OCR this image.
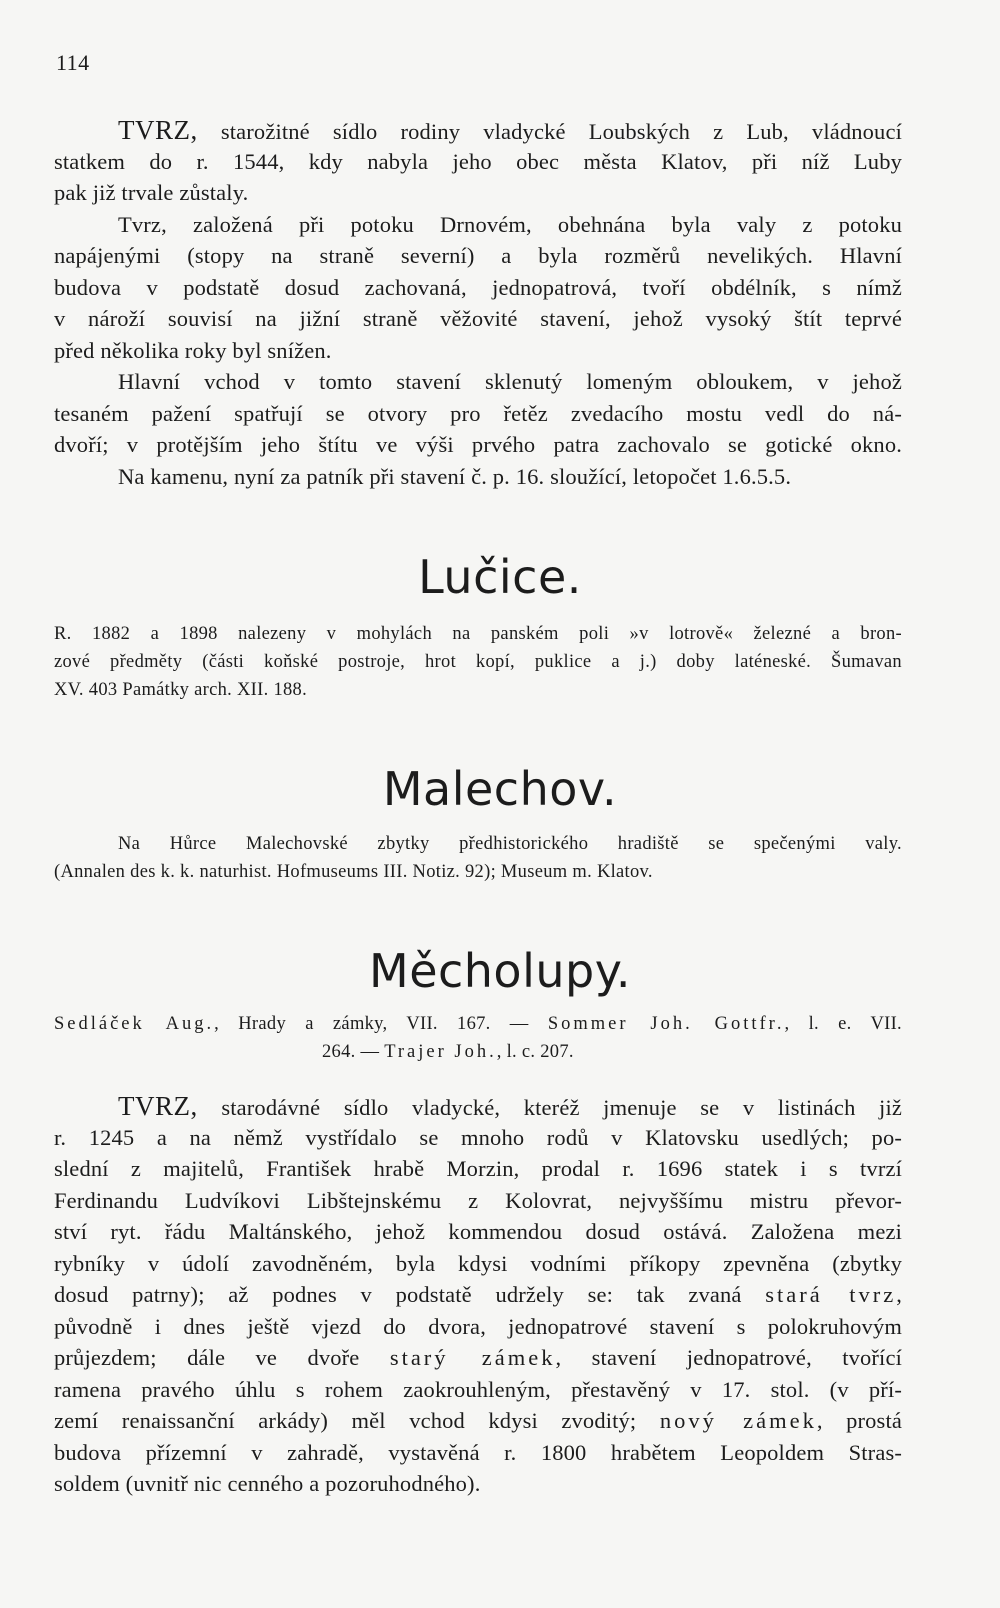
114
TVRZ, starožitné sídlo rodiny vladycké Loubských z Lub, vládnoucí
statkem do r. 1544, kdy nabyla jeho obec města Klatov, při níž Luby
pak již trvale zůstaly.
Tvrz, založená při potoku Drnovém, obehnána byla valy z potoku
napájenými (stopy na straně severní) a byla rozměrů nevelikých. Hlavní
budova v podstatě dosud zachovaná, jednopatrová, tvoří obdélník, s nímž
v nároží souvisí na jižní straně věžovité stavení, jehož vysoký štít teprvé
před několika roky byl snížen.
Hlavní vchod v tomto stavení sklenutý lomeným obloukem, v jehož
tesaném pažení spatřují se otvory pro řetěz zvedacího mostu vedl do ná-
dvoří; v protějším jeho štítu ve výši prvého patra zachovalo se gotické okno.
Na kamenu, nyní za patník při stavení č. p. 16. sloužící, letopočet 1.6.5.5.
Lučice.
R. 1882 a 1898 nalezeny v mohylách na panském poli »v lotrově« železné a bron-
zové předměty (části koňské postroje, hrot kopí, puklice a j.) doby laténeské. Šumavan
XV. 403 Památky arch. XII. 188.
Malechov.
Na Hůrce Malechovské zbytky předhistorického hradiště se spečenými valy.
(Annalen des k. k. naturhist. Hofmuseums III. Notiz. 92); Museum m. Klatov.
Měcholupy.
Sedláček Aug., Hrady a zámky, VII. 167. — Sommer Joh. Gottfr., l. e. VII.
264. — Trajer Joh., l. c. 207.
TVRZ, starodávné sídlo vladycké, kteréž jmenuje se v listinách již
r. 1245 a na němž vystřídalo se mnoho rodů v Klatovsku usedlých; po-
slední z majitelů, František hrabě Morzin, prodal r. 1696 statek i s tvrzí
Ferdinandu Ludvíkovi Libštejnskému z Kolovrat, nejvyššímu mistru převor-
ství ryt. řádu Maltánského, jehož kommendou dosud ostává. Založena mezi
rybníky v údolí zavodněném, byla kdysi vodními příkopy zpevněna (zbytky
dosud patrny); až podnes v podstatě udržely se: tak zvaná stará tvrz,
původně i dnes ještě vjezd do dvora, jednopatrové stavení s polokruhovým
průjezdem; dále ve dvoře starý zámek, stavení jednopatrové, tvořící
ramena pravého úhlu s rohem zaokrouhleným, přestavěný v 17. stol. (v pří-
zemí renaissanční arkády) měl vchod kdysi zvoditý; nový zámek, prostá
budova přízemní v zahradě, vystavěná r. 1800 hrabětem Leopoldem Stras-
soldem (uvnitř nic cenného a pozoruhodného).
